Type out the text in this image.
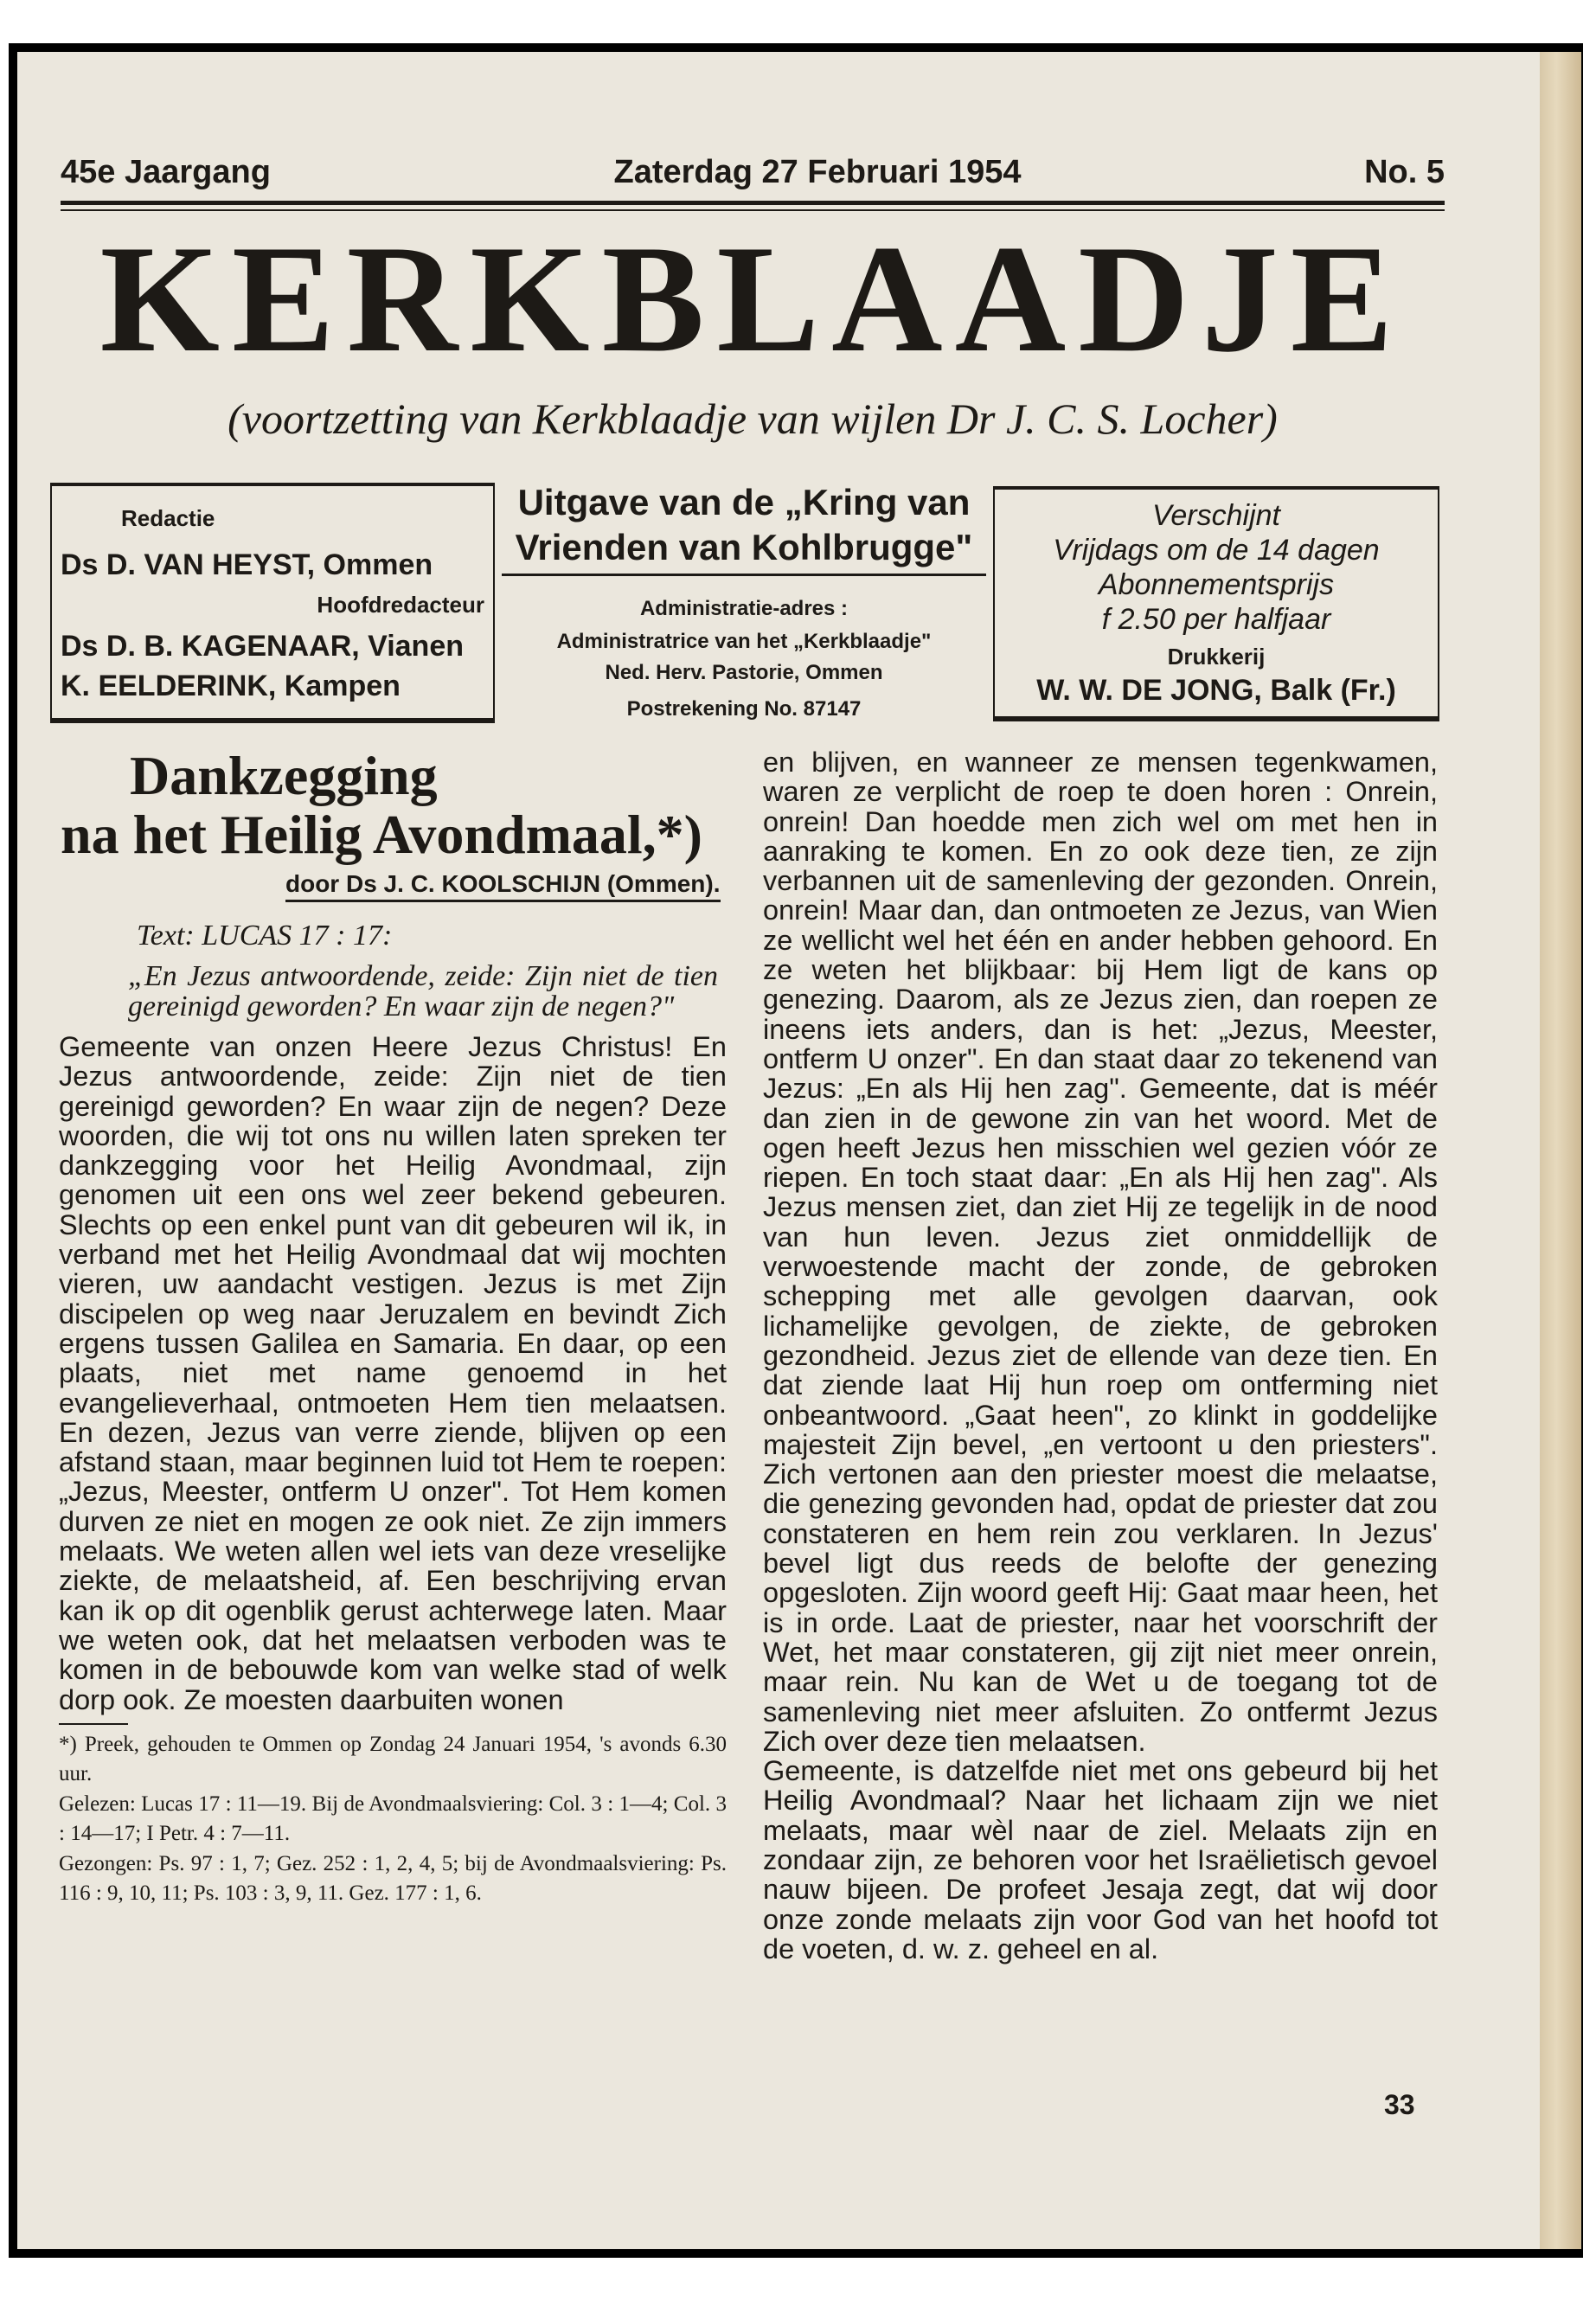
45e Jaargang	Zaterdag 27 Februari 1954	No. 5
KERKBLAADJE
(voortzetting van Kerkblaadje van wijlen Dr J. C. S. Locher)
Redactie
Ds D. VAN HEYST, Ommen
Hoofdredacteur
Ds D. B. KAGENAAR, Vianen
K. EELDERINK, Kampen
Uitgave van de „Kring van Vrienden van Kohlbrugge"
Administratie-adres :
Administratrice van het „Kerkblaadje"
Ned. Herv. Pastorie, Ommen
Postrekening No. 87147
Verschijnt
Vrijdags om de 14 dagen
Abonnementsprijs
f 2.50 per halfjaar
Drukkerij
W. W. DE JONG, Balk (Fr.)
Dankzegging
na het Heilig Avondmaal,*)
door Ds J. C. KOOLSCHIJN (Ommen).

Text: LUCAS 17 : 17:

„En Jezus antwoordende, zeide: Zijn niet de tien gereinigd geworden? En waar zijn de negen?"

Gemeente van onzen Heere Jezus Christus! En Jezus antwoordende, zeide: Zijn niet de tien gereinigd geworden? En waar zijn de negen? Deze woorden, die wij tot ons nu willen laten spreken ter dankzegging voor het Heilig Avondmaal, zijn genomen uit een ons wel zeer bekend gebeuren. Slechts op een enkel punt van dit gebeuren wil ik, in verband met het Heilig Avondmaal dat wij mochten vieren, uw aandacht vestigen. Jezus is met Zijn discipelen op weg naar Jeruzalem en bevindt Zich ergens tussen Galilea en Samaria. En daar, op een plaats, niet met name genoemd in het evangelieverhaal, ontmoeten Hem tien melaatsen. En dezen, Jezus van verre ziende, blijven op een afstand staan, maar beginnen luid tot Hem te roepen: „Jezus, Meester, ontferm U onzer". Tot Hem komen durven ze niet en mogen ze ook niet. Ze zijn immers melaats. We weten allen wel iets van deze vreselijke ziekte, de melaatsheid, af. Een beschrijving ervan kan ik op dit ogenblik gerust achterwege laten. Maar we weten ook, dat het melaatsen verboden was te komen in de bebouwde kom van welke stad of welk dorp ook. Ze moesten daarbuiten wonen

*) Preek, gehouden te Ommen op Zondag 24 Januari 1954, 's avonds 6.30 uur.

Gelezen: Lucas 17 : 11—19. Bij de Avondmaalsviering: Col. 3 : 1—4; Col. 3 : 14—17; I Petr. 4 : 7—11.

Gezongen: Ps. 97 : 1, 7; Gez. 252 : 1, 2, 4, 5; bij de Avondmaalsviering: Ps. 116 : 9, 10, 11; Ps. 103 : 3, 9, 11. Gez. 177 : 1, 6.

en blijven, en wanneer ze mensen tegenkwamen, waren ze verplicht de roep te doen horen : Onrein, onrein! Dan hoedde men zich wel om met hen in aanraking te komen. En zo ook deze tien, ze zijn verbannen uit de samenleving der gezonden. Onrein, onrein! Maar dan, dan ontmoeten ze Jezus, van Wien ze wellicht wel het één en ander hebben gehoord. En ze weten het blijkbaar: bij Hem ligt de kans op genezing. Daarom, als ze Jezus zien, dan roepen ze ineens iets anders, dan is het: „Jezus, Meester, ontferm U onzer". En dan staat daar zo tekenend van Jezus: „En als Hij hen zag". Gemeente, dat is méér dan zien in de gewone zin van het woord. Met de ogen heeft Jezus hen misschien wel gezien vóór ze riepen. En toch staat daar: „En als Hij hen zag". Als Jezus mensen ziet, dan ziet Hij ze tegelijk in de nood van hun leven. Jezus ziet onmiddellijk de verwoestende macht der zonde, de gebroken schepping met alle gevolgen daarvan, ook lichamelijke gevolgen, de ziekte, de gebroken gezondheid. Jezus ziet de ellende van deze tien. En dat ziende laat Hij hun roep om ontferming niet onbeantwoord. „Gaat heen", zo klinkt in goddelijke majesteit Zijn bevel, „en vertoont u den priesters". Zich vertonen aan den priester moest die melaatse, die genezing gevonden had, opdat de priester dat zou constateren en hem rein zou verklaren. In Jezus' bevel ligt dus reeds de belofte der genezing opgesloten. Zijn woord geeft Hij: Gaat maar heen, het is in orde. Laat de priester, naar het voorschrift der Wet, het maar constateren, gij zijt niet meer onrein, maar rein. Nu kan de Wet u de toegang tot de samenleving niet meer afsluiten. Zo ontfermt Jezus Zich over deze tien melaatsen.

Gemeente, is datzelfde niet met ons gebeurd bij het Heilig Avondmaal? Naar het lichaam zijn we niet melaats, maar wèl naar de ziel. Melaats zijn en zondaar zijn, ze behoren voor het Israëlietisch gevoel nauw bijeen. De profeet Jesaja zegt, dat wij door onze zonde melaats zijn voor God van het hoofd tot de voeten, d. w. z. geheel en al.

33
